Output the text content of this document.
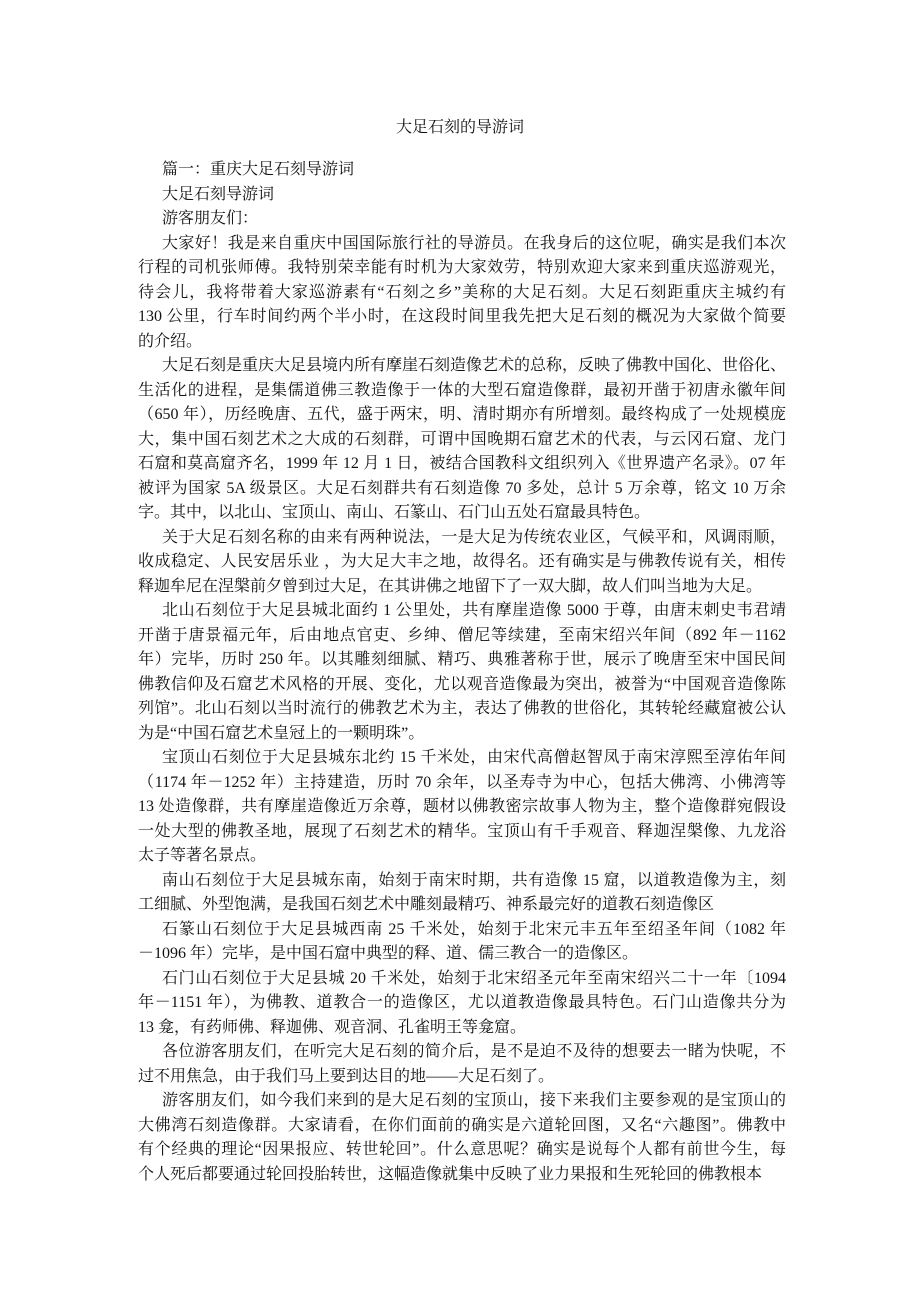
大足石刻的导游词
篇一：重庆大足石刻导游词
大足石刻导游词
游客朋友们：
大家好！我是来自重庆中国国际旅行社的导游员。在我身后的这位呢，确实是我们本次
行程的司机张师傅。我特别荣幸能有时机为大家效劳，特别欢迎大家来到重庆巡游观光，
待会儿，我将带着大家巡游素有“石刻之乡”美称的大足石刻。大足石刻距重庆主城约有
130 公里，行车时间约两个半小时，在这段时间里我先把大足石刻的概况为大家做个简要
的介绍。
大足石刻是重庆大足县境内所有摩崖石刻造像艺术的总称，反映了佛教中国化、世俗化、
生活化的进程，是集儒道佛三教造像于一体的大型石窟造像群，最初开凿于初唐永徽年间
（650 年），历经晚唐、五代，盛于两宋，明、清时期亦有所增刻。最终构成了一处规模庞
大，集中国石刻艺术之大成的石刻群，可谓中国晚期石窟艺术的代表，与云冈石窟、龙门
石窟和莫高窟齐名，1999 年 12 月 1 日，被结合国教科文组织列入《世界遗产名录》。07 年
被评为国家 5A 级景区。大足石刻群共有石刻造像 70 多处，总计 5 万余尊，铭文 10 万余
字。其中，以北山、宝顶山、南山、石篆山、石门山五处石窟最具特色。
关于大足石刻名称的由来有两种说法，一是大足为传统农业区，气候平和，风调雨顺，
收成稳定、人民安居乐业 ，为大足大丰之地，故得名。还有确实是与佛教传说有关，相传
释迦牟尼在涅槃前夕曾到过大足，在其讲佛之地留下了一双大脚，故人们叫当地为大足。
北山石刻位于大足县城北面约 1 公里处，共有摩崖造像 5000 于尊，由唐末刺史韦君靖
开凿于唐景福元年，后由地点官吏、乡绅、僧尼等续建，至南宋绍兴年间（892 年－1162
年）完毕，历时 250 年。以其雕刻细腻、精巧、典雅著称于世，展示了晚唐至宋中国民间
佛教信仰及石窟艺术风格的开展、变化，尤以观音造像最为突出，被誉为“中国观音造像陈
列馆”。北山石刻以当时流行的佛教艺术为主，表达了佛教的世俗化，其转轮经藏窟被公认
为是“中国石窟艺术皇冠上的一颗明珠”。
宝顶山石刻位于大足县城东北约 15 千米处，由宋代高僧赵智凤于南宋淳熙至淳佑年间
（1174 年－1252 年）主持建造，历时 70 余年，以圣寿寺为中心，包括大佛湾、小佛湾等
13 处造像群，共有摩崖造像近万余尊，题材以佛教密宗故事人物为主，整个造像群宛假设
一处大型的佛教圣地，展现了石刻艺术的精华。宝顶山有千手观音、释迦涅槃像、九龙浴
太子等著名景点。
南山石刻位于大足县城东南，始刻于南宋时期，共有造像 15 窟，以道教造像为主，刻
工细腻、外型饱满，是我国石刻艺术中雕刻最精巧、神系最完好的道教石刻造像区
石篆山石刻位于大足县城西南 25 千米处，始刻于北宋元丰五年至绍圣年间（1082 年
－1096 年）完毕，是中国石窟中典型的释、道、儒三教合一的造像区。
石门山石刻位于大足县城 20 千米处，始刻于北宋绍圣元年至南宋绍兴二十一年〔1094
年－1151 年），为佛教、道教合一的造像区，尤以道教造像最具特色。石门山造像共分为
13 龛，有药师佛、释迦佛、观音洞、孔雀明王等龛窟。
各位游客朋友们，在听完大足石刻的简介后，是不是迫不及待的想要去一睹为快呢，不
过不用焦急，由于我们马上要到达目的地——大足石刻了。
游客朋友们，如今我们来到的是大足石刻的宝顶山，接下来我们主要参观的是宝顶山的
大佛湾石刻造像群。大家请看，在你们面前的确实是六道轮回图，又名“六趣图”。佛教中
有个经典的理论“因果报应、转世轮回”。什么意思呢？确实是说每个人都有前世今生，每
个人死后都要通过轮回投胎转世，这幅造像就集中反映了业力果报和生死轮回的佛教根本
